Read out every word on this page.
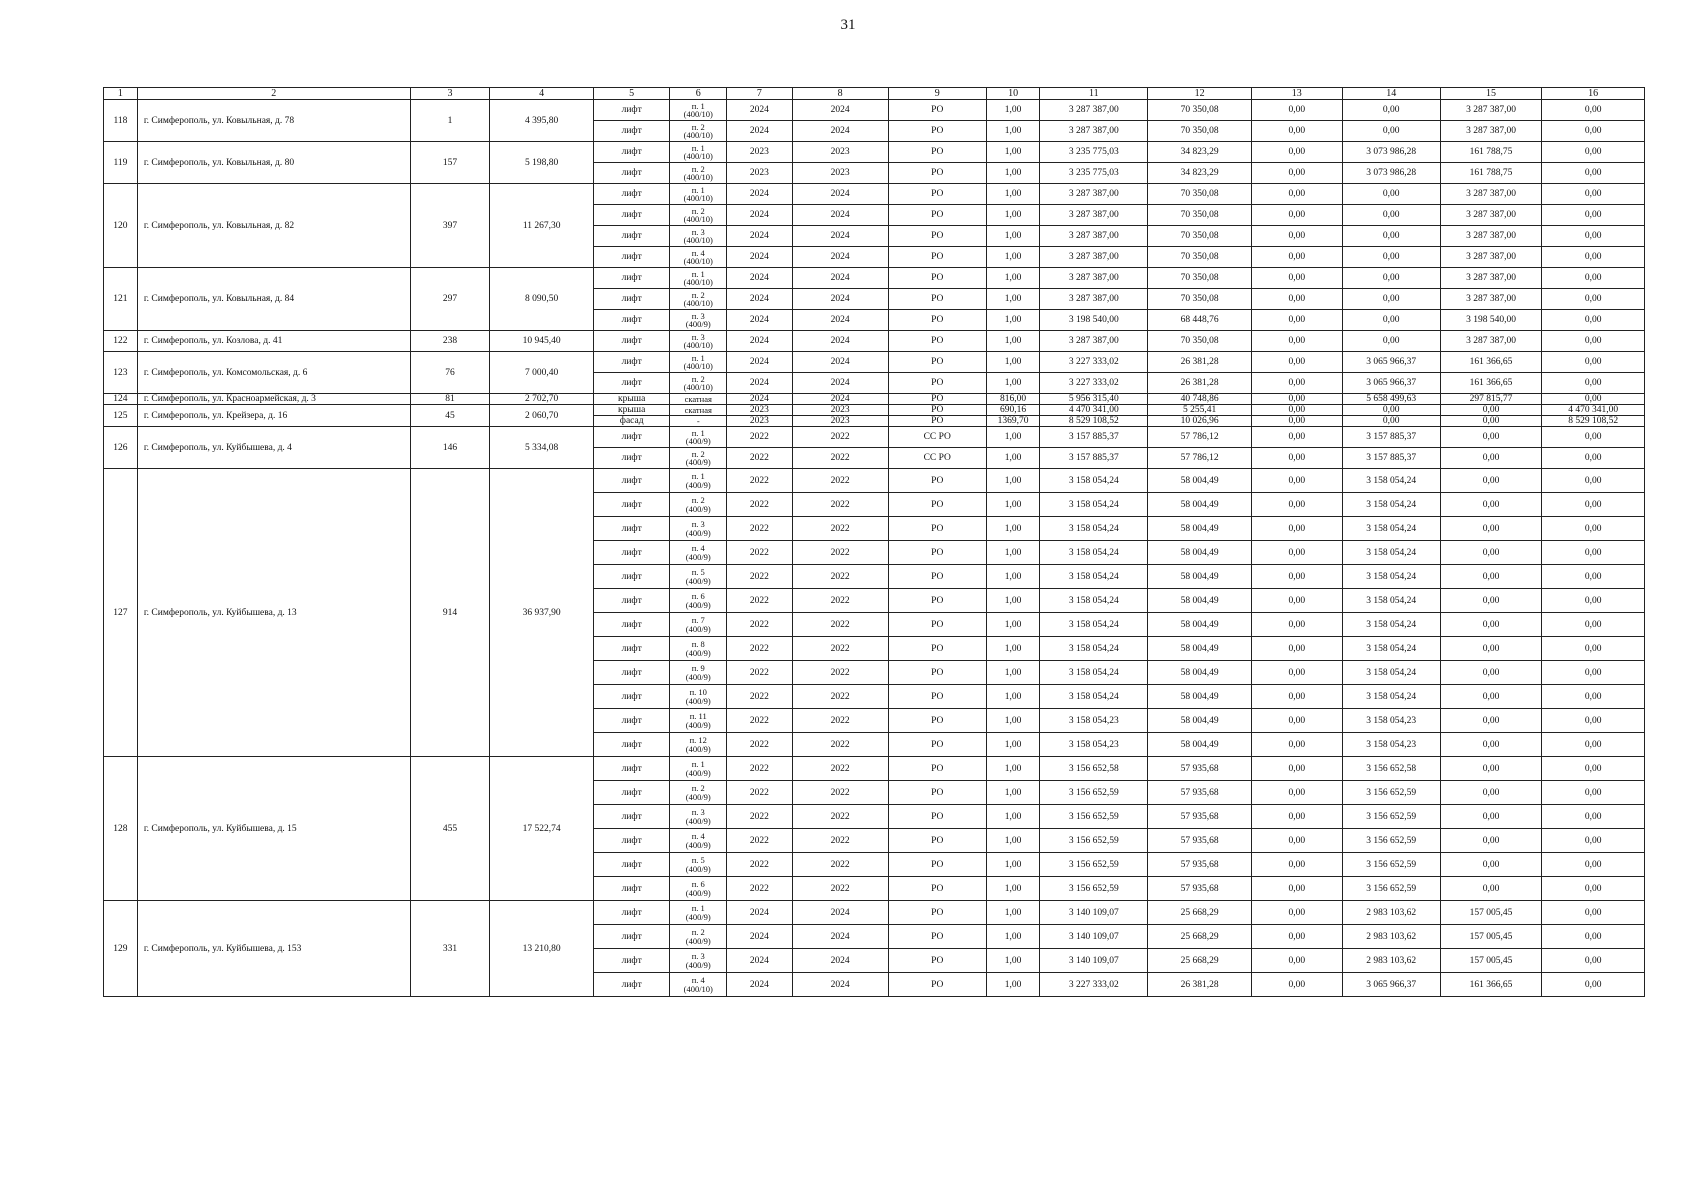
31
1	2	3	4	5	6	7	8	9	10	11	12	13	14	15	16
118	г. Симферополь, ул. Ковыльная, д. 78	1	4 395,80	лифт	п. 1
(400/10)	2024	2024	РО	1,00	3 287 387,00	70 350,08	0,00	0,00	3 287 387,00	0,00
				лифт	п. 2
(400/10)	2024	2024	РО	1,00	3 287 387,00	70 350,08	0,00	0,00	3 287 387,00	0,00
119	г. Симферополь, ул. Ковыльная, д. 80	157	5 198,80	лифт	п. 1
(400/10)	2023	2023	РО	1,00	3 235 775,03	34 823,29	0,00	3 073 986,28	161 788,75	0,00
				лифт	п. 2
(400/10)	2023	2023	РО	1,00	3 235 775,03	34 823,29	0,00	3 073 986,28	161 788,75	0,00
120	г. Симферополь, ул. Ковыльная, д. 82	397	11 267,30	лифт	п. 1
(400/10)	2024	2024	РО	1,00	3 287 387,00	70 350,08	0,00	0,00	3 287 387,00	0,00
				лифт	п. 2
(400/10)	2024	2024	РО	1,00	3 287 387,00	70 350,08	0,00	0,00	3 287 387,00	0,00
				лифт	п. 3
(400/10)	2024	2024	РО	1,00	3 287 387,00	70 350,08	0,00	0,00	3 287 387,00	0,00
				лифт	п. 4
(400/10)	2024	2024	РО	1,00	3 287 387,00	70 350,08	0,00	0,00	3 287 387,00	0,00
121	г. Симферополь, ул. Ковыльная, д. 84	297	8 090,50	лифт	п. 1
(400/10)	2024	2024	РО	1,00	3 287 387,00	70 350,08	0,00	0,00	3 287 387,00	0,00
				лифт	п. 2
(400/10)	2024	2024	РО	1,00	3 287 387,00	70 350,08	0,00	0,00	3 287 387,00	0,00
				лифт	п. 3
(400/9)	2024	2024	РО	1,00	3 198 540,00	68 448,76	0,00	0,00	3 198 540,00	0,00
122	г. Симферополь, ул. Козлова, д. 41	238	10 945,40	лифт	п. 3
(400/10)	2024	2024	РО	1,00	3 287 387,00	70 350,08	0,00	0,00	3 287 387,00	0,00
123	г. Симферополь, ул. Комсомольская, д. 6	76	7 000,40	лифт	п. 1
(400/10)	2024	2024	РО	1,00	3 227 333,02	26 381,28	0,00	3 065 966,37	161 366,65	0,00
				лифт	п. 2
(400/10)	2024	2024	РО	1,00	3 227 333,02	26 381,28	0,00	3 065 966,37	161 366,65	0,00
124	г. Симферополь, ул. Красноармейская, д. 3	81	2 702,70	крыша	скатная	2024	2024	РО	816,00	5 956 315,40	40 748,86	0,00	5 658 499,63	297 815,77	0,00
125	г. Симферополь, ул. Крейзера, д. 16	45	2 060,70	крыша	скатная	2023	2023	РО	690,16	4 470 341,00	5 255,41	0,00	0,00	0,00	4 470 341,00
				фасад	-	2023	2023	РО	1369,70	8 529 108,52	10 026,96	0,00	0,00	0,00	8 529 108,52
126	г. Симферополь, ул. Куйбышева, д. 4	146	5 334,08	лифт	п. 1
(400/9)	2022	2022	СС РО	1,00	3 157 885,37	57 786,12	0,00	3 157 885,37	0,00	0,00
				лифт	п. 2
(400/9)	2022	2022	СС РО	1,00	3 157 885,37	57 786,12	0,00	3 157 885,37	0,00	0,00
127	г. Симферополь, ул. Куйбышева, д. 13	914	36 937,90	лифт	п. 1
(400/9)	2022	2022	РО	1,00	3 158 054,24	58 004,49	0,00	3 158 054,24	0,00	0,00
				лифт	п. 2
(400/9)	2022	2022	РО	1,00	3 158 054,24	58 004,49	0,00	3 158 054,24	0,00	0,00
				лифт	п. 3
(400/9)	2022	2022	РО	1,00	3 158 054,24	58 004,49	0,00	3 158 054,24	0,00	0,00
				лифт	п. 4
(400/9)	2022	2022	РО	1,00	3 158 054,24	58 004,49	0,00	3 158 054,24	0,00	0,00
				лифт	п. 5
(400/9)	2022	2022	РО	1,00	3 158 054,24	58 004,49	0,00	3 158 054,24	0,00	0,00
				лифт	п. 6
(400/9)	2022	2022	РО	1,00	3 158 054,24	58 004,49	0,00	3 158 054,24	0,00	0,00
				лифт	п. 7
(400/9)	2022	2022	РО	1,00	3 158 054,24	58 004,49	0,00	3 158 054,24	0,00	0,00
				лифт	п. 8
(400/9)	2022	2022	РО	1,00	3 158 054,24	58 004,49	0,00	3 158 054,24	0,00	0,00
				лифт	п. 9
(400/9)	2022	2022	РО	1,00	3 158 054,24	58 004,49	0,00	3 158 054,24	0,00	0,00
				лифт	п. 10
(400/9)	2022	2022	РО	1,00	3 158 054,24	58 004,49	0,00	3 158 054,24	0,00	0,00
				лифт	п. 11
(400/9)	2022	2022	РО	1,00	3 158 054,23	58 004,49	0,00	3 158 054,23	0,00	0,00
				лифт	п. 12
(400/9)	2022	2022	РО	1,00	3 158 054,23	58 004,49	0,00	3 158 054,23	0,00	0,00
128	г. Симферополь, ул. Куйбышева, д. 15	455	17 522,74	лифт	п. 1
(400/9)	2022	2022	РО	1,00	3 156 652,58	57 935,68	0,00	3 156 652,58	0,00	0,00
				лифт	п. 2
(400/9)	2022	2022	РО	1,00	3 156 652,59	57 935,68	0,00	3 156 652,59	0,00	0,00
				лифт	п. 3
(400/9)	2022	2022	РО	1,00	3 156 652,59	57 935,68	0,00	3 156 652,59	0,00	0,00
				лифт	п. 4
(400/9)	2022	2022	РО	1,00	3 156 652,59	57 935,68	0,00	3 156 652,59	0,00	0,00
				лифт	п. 5
(400/9)	2022	2022	РО	1,00	3 156 652,59	57 935,68	0,00	3 156 652,59	0,00	0,00
				лифт	п. 6
(400/9)	2022	2022	РО	1,00	3 156 652,59	57 935,68	0,00	3 156 652,59	0,00	0,00
129	г. Симферополь, ул. Куйбышева, д. 153	331	13 210,80	лифт	п. 1
(400/9)	2024	2024	РО	1,00	3 140 109,07	25 668,29	0,00	2 983 103,62	157 005,45	0,00
				лифт	п. 2
(400/9)	2024	2024	РО	1,00	3 140 109,07	25 668,29	0,00	2 983 103,62	157 005,45	0,00
				лифт	п. 3
(400/9)	2024	2024	РО	1,00	3 140 109,07	25 668,29	0,00	2 983 103,62	157 005,45	0,00
				лифт	п. 4
(400/10)	2024	2024	РО	1,00	3 227 333,02	26 381,28	0,00	3 065 966,37	161 366,65	0,00
